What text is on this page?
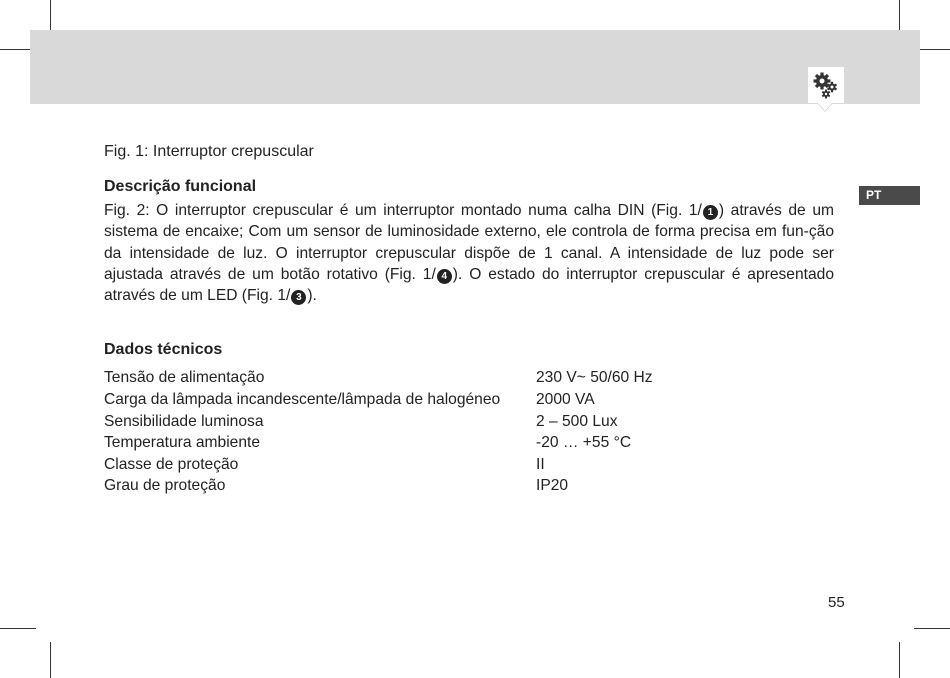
PT

Fig. 1: Interruptor crepuscular

Descrição funcional

Fig. 2: O interruptor crepuscular é um interruptor montado numa calha DIN (Fig. 1/ 1 ) através de um sistema de encaixe; Com um sensor de luminosidade externo, ele controla de forma precisa em fun-ção da intensidade de luz. O interruptor crepuscular dispõe de 1 canal. A intensidade de luz pode ser ajustada através de um botão rotativo (Fig. 1/ 4 ). O estado do interruptor crepuscular é apresentado através de um LED (Fig. 1/ 3 ).

Dados técnicos

Tensão de alimentação	230 V~ 50/60 Hz
Carga da lâmpada incandescente/lâmpada de halogéneo	2000 VA
Sensibilidade luminosa	2 – 500 Lux
Temperatura ambiente	-20 … +55 °C
Classe de proteção	II
Grau de proteção	IP20
55
